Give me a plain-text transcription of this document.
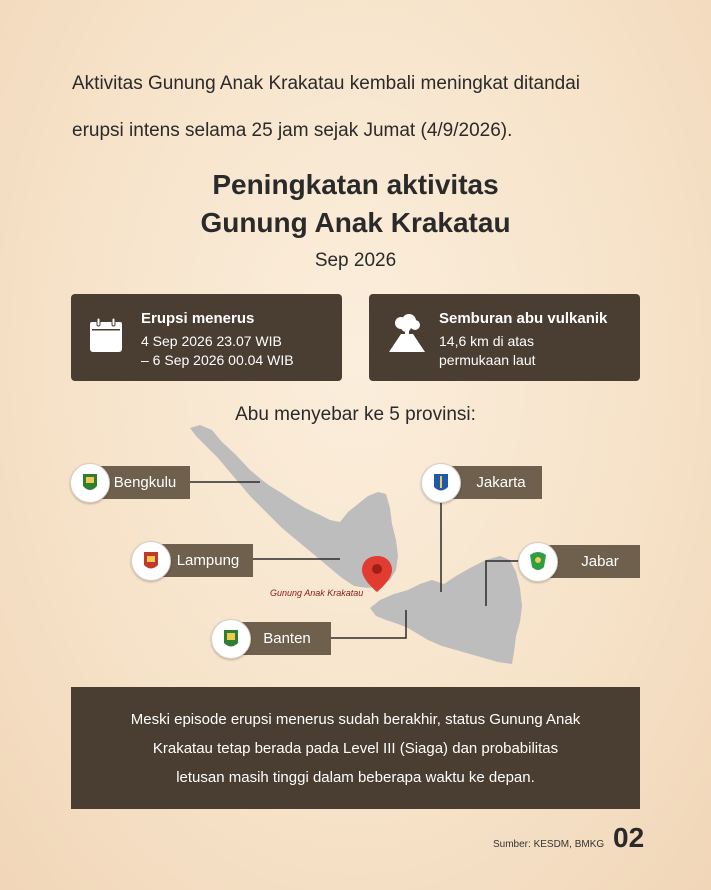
Aktivitas Gunung Anak Krakatau kembali meningkat ditandai
erupsi intens selama 25 jam sejak Jumat (4/9/2026).
Peningkatan aktivitas
Gunung Anak Krakatau
Sep 2026
Erupsi menerus
4 Sep 2026 23.07 WIB
– 6 Sep 2026 00.04 WIB
Semburan abu vulkanik
14,6 km di atas
permukaan laut
Abu menyebar ke 5 provinsi:
Gunung Anak Krakatau
Bengkulu
Lampung
Banten
Jakarta
Jabar
Meski episode erupsi menerus sudah berakhir, status Gunung Anak
Krakatau tetap berada pada Level III (Siaga) dan probabilitas
letusan masih tinggi dalam beberapa waktu ke depan.
Sumber: KESDM, BMKG 02
